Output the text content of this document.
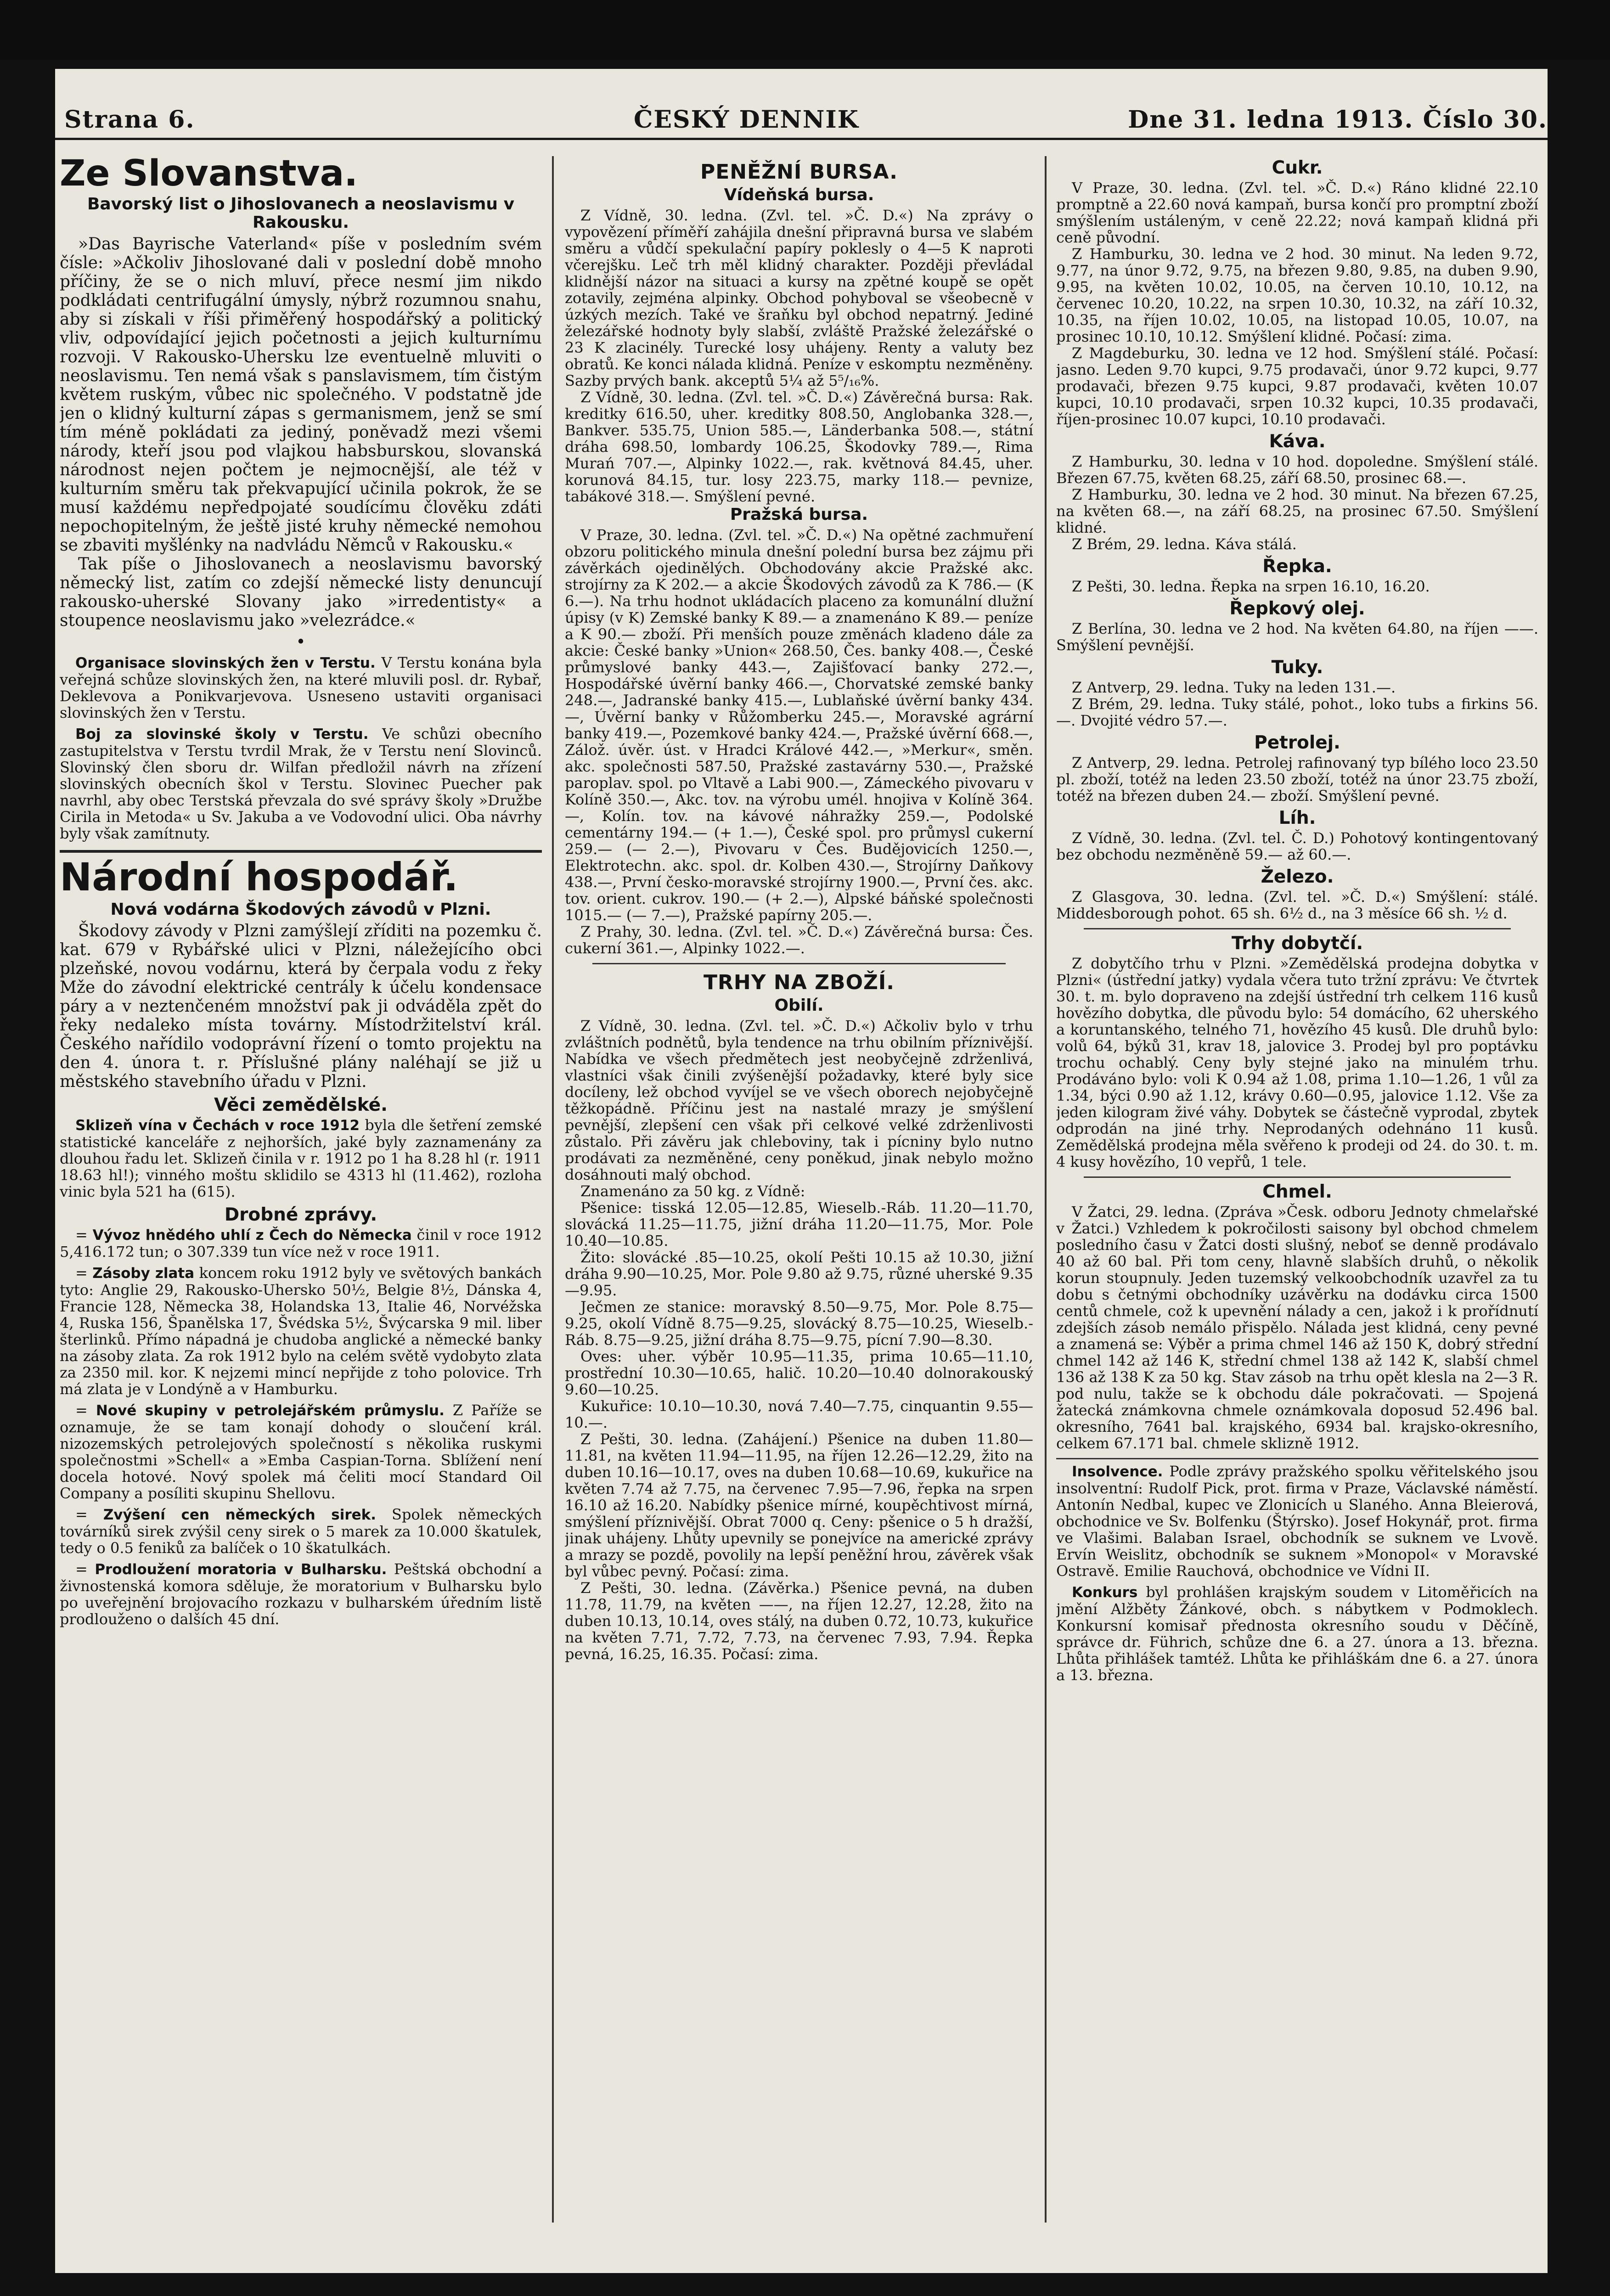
Strana 6.	ČESKÝ DENNIK	Dne 31. ledna 1913. Číslo 30.
Ze Slovanstva.
Bavorský list o Jihoslovanech a neoslavismu v Rakousku.

»Das Bayrische Vaterland« píše v posledním svém čísle: »Ačkoliv Jihoslované dali v poslední době mnoho příčiny, že se o nich mluví, přece nesmí jim nikdo podkládati centrifugální úmysly, nýbrž rozumnou snahu, aby si získali v říši přiměřený hospodářský a politický vliv, odpovídající jejich početnosti a jejich kulturnímu rozvoji. V Rakousko-Uhersku lze eventuelně mluviti o neoslavismu. Ten nemá však s panslavismem, tím čistým květem ruským, vůbec nic společného. V podstatně jde jen o klidný kulturní zápas s germanismem, jenž se smí tím méně pokládati za jediný, poněvadž mezi všemi národy, kteří jsou pod vlajkou habsburskou, slovanská národnost nejen počtem je nejmocnější, ale též v kulturním směru tak překvapující učinila pokrok, že se musí každému nepředpojaté soudícímu člověku zdáti nepochopitelným, že ještě jisté kruhy německé nemohou se zbaviti myšlénky na nadvládu Němců v Rakousku.«

Tak píše o Jihoslovanech a neoslavismu bavorský německý list, zatím co zdejší německé listy denuncují rakousko-uherské Slovany jako »irredentisty« a stoupence neoslavismu jako »velezrádce.«

•

Organisace slovinských žen v Terstu. V Terstu konána byla veřejná schůze slovinských žen, na které mluvili posl. dr. Rybař, Deklevova a Ponikvarjevova. Usneseno ustaviti organisaci slovinských žen v Terstu.

Boj za slovinské školy v Terstu. Ve schůzi obecního zastupitelstva v Terstu tvrdil Mrak, že v Terstu není Slovinců. Slovinský člen sboru dr. Wilfan předložil návrh na zřízení slovinských obecních škol v Terstu. Slovinec Puecher pak navrhl, aby obec Terstská převzala do své správy školy »Družbe Cirila in Metoda« u Sv. Jakuba a ve Vodovodní ulici. Oba návrhy byly však zamítnuty.

Národní hospodář.
Nová vodárna Škodových závodů v Plzni.

Škodovy závody v Plzni zamýšlejí zříditi na pozemku č. kat. 679 v Rybářské ulici v Plzni, náležejícího obci plzeňské, novou vodárnu, která by čerpala vodu z řeky Mže do závodní elektrické centrály k účelu kondensace páry a v neztenčeném množství pak ji odváděla zpět do řeky nedaleko místa továrny. Místodržitelství král. Českého nařídilo vodoprávní řízení o tomto projektu na den 4. února t. r. Příslušné plány naléhají se již u městského stavebního úřadu v Plzni.

Věci zemědělské.

Sklizeň vína v Čechách v roce 1912 byla dle šetření zemské statistické kanceláře z nejhorších, jaké byly zaznamenány za dlouhou řadu let. Sklizeň činila v r. 1912 po 1 ha 8.28 hl (r. 1911 18.63 hl!); vinného moštu sklidilo se 4313 hl (11.462), rozloha vinic byla 521 ha (615).

Drobné zprávy.

= Vývoz hnědého uhlí z Čech do Německa činil v roce 1912 5,416.172 tun; o 307.339 tun více než v roce 1911.

= Zásoby zlata koncem roku 1912 byly ve světových bankách tyto: Anglie 29, Rakousko-Uhersko 50½, Belgie 8½, Dánska 4, Francie 128, Německa 38, Holandska 13, Italie 46, Norvéžska 4, Ruska 156, Španělska 17, Švédska 5½, Švýcarska 9 mil. liber šterlinků. Přímo nápadná je chudoba anglické a německé banky na zásoby zlata. Za rok 1912 bylo na celém světě vydobyto zlata za 2350 mil. kor. K nejzemi mincí nepřijde z toho polovice. Trh má zlata je v Londýně a v Hamburku.

= Nové skupiny v petrolejářském průmyslu. Z Paříže se oznamuje, že se tam konají dohody o sloučení král. nizozemských petrolejových společností s několika ruskymi společnostmi »Schell« a »Emba Caspian-Torna. Sblížení není docela hotové. Nový spolek má čeliti mocí Standard Oil Company a posíliti skupinu Shellovu.

= Zvýšení cen německých sirek. Spolek německých továrníků sirek zvýšil ceny sirek o 5 marek za 10.000 škatulek, tedy o 0.5 feniků za balíček o 10 škatulkách.

= Prodloužení moratoria v Bulharsku. Peštská obchodní a živnostenská komora sděluje, že moratorium v Bulharsku bylo po uveřejnění brojovacího rozkazu v bulharském úředním listě prodlouženo o dalších 45 dní.

PENĚŽNÍ BURSA.
Vídeňská bursa.

Z Vídně, 30. ledna. (Zvl. tel. »Č. D.«) Na zprávy o vypovězení příměří zahájila dnešní připravná bursa ve slabém směru a vůdčí spekulační papíry poklesly o 4—5 K naproti včerejšku. Leč trh měl klidný charakter. Později převládal klidnější názor na situaci a kursy na zpětné koupě se opět zotavily, zejména alpinky. Obchod pohyboval se všeobecně v úzkých mezích. Také ve šraňku byl obchod nepatrný. Jediné železářské hodnoty byly slabší, zvláště Pražské železářské o 23 K zlacinély. Turecké losy uhájeny. Renty a valuty bez obratů. Ke konci nálada klidná. Peníze v eskomptu nezměněny. Sazby prvých bank. akceptů 5¼ až 5⁵/₁₆%.

Z Vídně, 30. ledna. (Zvl. tel. »Č. D.«) Závěrečná bursa: Rak. kreditky 616.50, uher. kreditky 808.50, Anglobanka 328.—, Bankver. 535.75, Union 585.—, Länderbanka 508.—, státní dráha 698.50, lombardy 106.25, Škodovky 789.—, Rima Murań 707.—, Alpinky 1022.—, rak. květnová 84.45, uher. korunová 84.15, tur. losy 223.75, marky 118.— pevnize, tabákové 318.—. Smýšlení pevné.

Pražská bursa.

V Praze, 30. ledna. (Zvl. tel. »Č. D.«) Na opětné zachmuření obzoru politického minula dnešní polední bursa bez zájmu při závěrkách ojedinělých. Obchodovány akcie Pražské akc. strojírny za K 202.— a akcie Škodových závodů za K 786.— (K 6.—). Na trhu hodnot ukládacích placeno za komunální dlužní úpisy (v K) Zemské banky K 89.— a znamenáno K 89.— peníze a K 90.— zboží. Při menších pouze změnách kladeno dále za akcie: České banky »Union« 268.50, Čes. banky 408.—, České průmyslové banky 443.—, Zajišťovací banky 272.—, Hospodářské úvěrní banky 466.—, Chorvatské zemské banky 248.—, Jadranské banky 415.—, Lublaňské úvěrní banky 434.—, Úvěrní banky v Růžomberku 245.—, Moravské agrární banky 419.—, Pozemkové banky 424.—, Pražské úvěrní 668.—, Zálož. úvěr. úst. v Hradci Králové 442.—, »Merkur«, směn. akc. společnosti 587.50, Pražské zastavárny 530.—, Pražské paroplav. spol. po Vltavě a Labi 900.—, Zámeckého pivovaru v Kolíně 350.—, Akc. tov. na výrobu umél. hnojiva v Kolíně 364.—, Kolín. tov. na kávové náhražky 259.—, Podolské cementárny 194.— (+ 1.—), České spol. pro průmysl cukerní 259.— (— 2.—), Pivovaru v Čes. Budějovicích 1250.—, Elektrotechn. akc. spol. dr. Kolben 430.—, Strojírny Daňkovy 438.—, První česko-moravské strojírny 1900.—, První čes. akc. tov. orient. cukrov. 190.— (+ 2.—), Alpské báňské společnosti 1015.— (— 7.—), Pražské papírny 205.—.

Z Prahy, 30. ledna. (Zvl. tel. »Č. D.«) Závěrečná bursa: Čes. cukerní 361.—, Alpinky 1022.—.

TRHY NA ZBOŽÍ.
Obilí.

Z Vídně, 30. ledna. (Zvl. tel. »Č. D.«) Ačkoliv bylo v trhu zvláštních podnětů, byla tendence na trhu obilním příznivější. Nabídka ve všech předmětech jest neobyčejně zdrženlivá, vlastníci však činili zvýšenější požadavky, které byly sice docíleny, lež obchod vyvíjel se ve všech oborech nejobyčejně těžkopádně. Příčinu jest na nastalé mrazy je smýšlení pevnější, zlepšení cen však při celkové velké zdrženlivosti zůstalo. Při závěru jak chleboviny, tak i pícniny bylo nutno prodávati za nezměněné, ceny poněkud, jinak nebylo možno dosáhnouti malý obchod.

Znamenáno za 50 kg. z Vídně:

Pšenice: tisská 12.05—12.85, Wieselb.-Ráb. 11.20—11.70, slovácká 11.25—11.75, jižní dráha 11.20—11.75, Mor. Pole 10.40—10.85.

Žito: slovácké .85—10.25, okolí Pešti 10.15 až 10.30, jižní dráha 9.90—10.25, Mor. Pole 9.80 až 9.75, různé uherské 9.35—9.95.

Ječmen ze stanice: moravský 8.50—9.75, Mor. Pole 8.75—9.25, okolí Vídně 8.75—9.25, slovácký 8.75—10.25, Wieselb.-Ráb. 8.75—9.25, jižní dráha 8.75—9.75, pícní 7.90—8.30.

Oves: uher. výběr 10.95—11.35, prima 10.65—11.10, prostřední 10.30—10.65, halič. 10.20—10.40 dolnorakouský 9.60—10.25.

Kukuřice: 10.10—10.30, nová 7.40—7.75, cinquantin 9.55—10.—.

Z Pešti, 30. ledna. (Zahájení.) Pšenice na duben 11.80—11.81, na květen 11.94—11.95, na říjen 12.26—12.29, žito na duben 10.16—10.17, oves na duben 10.68—10.69, kukuřice na květen 7.74 až 7.75, na červenec 7.95—7.96, řepka na srpen 16.10 až 16.20. Nabídky pšenice mírné, koupěchtivost mírná, smýšlení příznivější. Obrat 7000 q. Ceny: pšenice o 5 h dražší, jinak uhájeny. Lhůty upevnily se ponejvíce na americké zprávy a mrazy se pozdě, povolily na lepší peněžní hrou, závěrek však byl vůbec pevný. Počasí: zima.

Z Pešti, 30. ledna. (Závěrka.) Pšenice pevná, na duben 11.78, 11.79, na květen ——, na říjen 12.27, 12.28, žito na duben 10.13, 10.14, oves stálý, na duben 0.72, 10.73, kukuřice na květen 7.71, 7.72, 7.73, na červenec 7.93, 7.94. Řepka pevná, 16.25, 16.35. Počasí: zima.

Cukr.

V Praze, 30. ledna. (Zvl. tel. »Č. D.«) Ráno klidné 22.10 promptně a 22.60 nová kampaň, bursa končí pro promptní zboží smýšlením ustáleným, v ceně 22.22; nová kampaň klidná při ceně původní.

Z Hamburku, 30. ledna ve 2 hod. 30 minut. Na leden 9.72, 9.77, na únor 9.72, 9.75, na březen 9.80, 9.85, na duben 9.90, 9.95, na květen 10.02, 10.05, na červen 10.10, 10.12, na červenec 10.20, 10.22, na srpen 10.30, 10.32, na září 10.32, 10.35, na říjen 10.02, 10.05, na listopad 10.05, 10.07, na prosinec 10.10, 10.12. Smýšlení klidné. Počasí: zima.

Z Magdeburku, 30. ledna ve 12 hod. Smýšlení stálé. Počasí: jasno. Leden 9.70 kupci, 9.75 prodavači, únor 9.72 kupci, 9.77 prodavači, březen 9.75 kupci, 9.87 prodavači, květen 10.07 kupci, 10.10 prodavači, srpen 10.32 kupci, 10.35 prodavači, říjen-prosinec 10.07 kupci, 10.10 prodavači.

Káva.

Z Hamburku, 30. ledna v 10 hod. dopoledne. Smýšlení stálé. Březen 67.75, květen 68.25, září 68.50, prosinec 68.—.

Z Hamburku, 30. ledna ve 2 hod. 30 minut. Na březen 67.25, na květen 68.—, na září 68.25, na prosinec 67.50. Smýšlení klidné.

Z Brém, 29. ledna. Káva stálá.

Řepka.

Z Pešti, 30. ledna. Řepka na srpen 16.10, 16.20.

Řepkový olej.

Z Berlína, 30. ledna ve 2 hod. Na květen 64.80, na říjen ——. Smýšlení pevnější.

Tuky.

Z Antverp, 29. ledna. Tuky na leden 131.—.

Z Brém, 29. ledna. Tuky stálé, pohot., loko tubs a firkins 56.—. Dvojité védro 57.—.

Petrolej.

Z Antverp, 29. ledna. Petrolej rafinovaný typ bílého loco 23.50 pl. zboží, totéž na leden 23.50 zboží, totéž na únor 23.75 zboží, totéž na březen duben 24.— zboží. Smýšlení pevné.

Líh.

Z Vídně, 30. ledna. (Zvl. tel. Č. D.) Pohotový kontingentovaný bez obchodu nezměněně 59.— až 60.—.

Železo.

Z Glasgova, 30. ledna. (Zvl. tel. »Č. D.«) Smýšlení: stálé. Middesborough pohot. 65 sh. 6½ d., na 3 měsíce 66 sh. ½ d.

Trhy dobytčí.

Z dobytčího trhu v Plzni. »Zemědělská prodejna dobytka v Plzni« (ústřední jatky) vydala včera tuto tržní zprávu: Ve čtvrtek 30. t. m. bylo dopraveno na zdejší ústřední trh celkem 116 kusů hovězího dobytka, dle původu bylo: 54 domácího, 62 uherského a koruntanského, telného 71, hovězího 45 kusů. Dle druhů bylo: volů 64, býků 31, krav 18, jalovice 3. Prodej byl pro poptávku trochu ochablý. Ceny byly stejné jako na minulém trhu. Prodáváno bylo: voli K 0.94 až 1.08, prima 1.10—1.26, 1 vůl za 1.34, býci 0.90 až 1.12, krávy 0.60—0.95, jalovice 1.12. Vše za jeden kilogram živé váhy. Dobytek se částečně vyprodal, zbytek odprodán na jiné trhy. Neprodaných odehnáno 11 kusů. Zemědělská prodejna měla svěřeno k prodeji od 24. do 30. t. m. 4 kusy hovězího, 10 vepřů, 1 tele.

Chmel.

V Žatci, 29. ledna. (Zpráva »Česk. odboru Jednoty chmelařské v Žatci.) Vzhledem k pokročilosti saisony byl obchod chmelem posledního času v Žatci dosti slušný, neboť se denně prodávalo 40 až 60 bal. Při tom ceny, hlavně slabších druhů, o několik korun stoupnuly. Jeden tuzemský velkoobchodník uzavřel za tu dobu s četnými obchodníky uzávěrku na dodávku circa 1500 centů chmele, což k upevnění nálady a cen, jakož i k prořídnutí zdejších zásob nemálo přispělo. Nálada jest klidná, ceny pevné a znamená se: Výběr a prima chmel 146 až 150 K, dobrý střední chmel 142 až 146 K, střední chmel 138 až 142 K, slabší chmel 136 až 138 K za 50 kg. Stav zásob na trhu opět klesla na 2—3 R. pod nulu, takže se k obchodu dále pokračovati. — Spojená žatecká známkovna chmele oznámkovala doposud 52.496 bal. okresního, 7641 bal. krajského, 6934 bal. krajsko-okresního, celkem 67.171 bal. chmele sklizně 1912.

Insolvence. Podle zprávy pražského spolku věřitelského jsou insolventní: Rudolf Pick, prot. firma v Praze, Václavské náměstí. Antonín Nedbal, kupec ve Zlonicích u Slaného. Anna Bleierová, obchodnice ve Sv. Bolfenku (Štýrsko). Josef Hokynář, prot. firma ve Vlašimi. Balaban Israel, obchodník se suknem ve Lvově. Ervín Weislitz, obchodník se suknem »Monopol« v Moravské Ostravě. Emilie Rauchová, obchodnice ve Vídni II.

Konkurs byl prohlášen krajským soudem v Litoměřicích na jmění Alžběty Žánkové, obch. s nábytkem v Podmoklech. Konkursní komisař přednosta okresního soudu v Děčíně, správce dr. Führich, schůze dne 6. a 27. února a 13. března. Lhůta přihlášek tamtéž. Lhůta ke přihláškám dne 6. a 27. února a 13. března.
